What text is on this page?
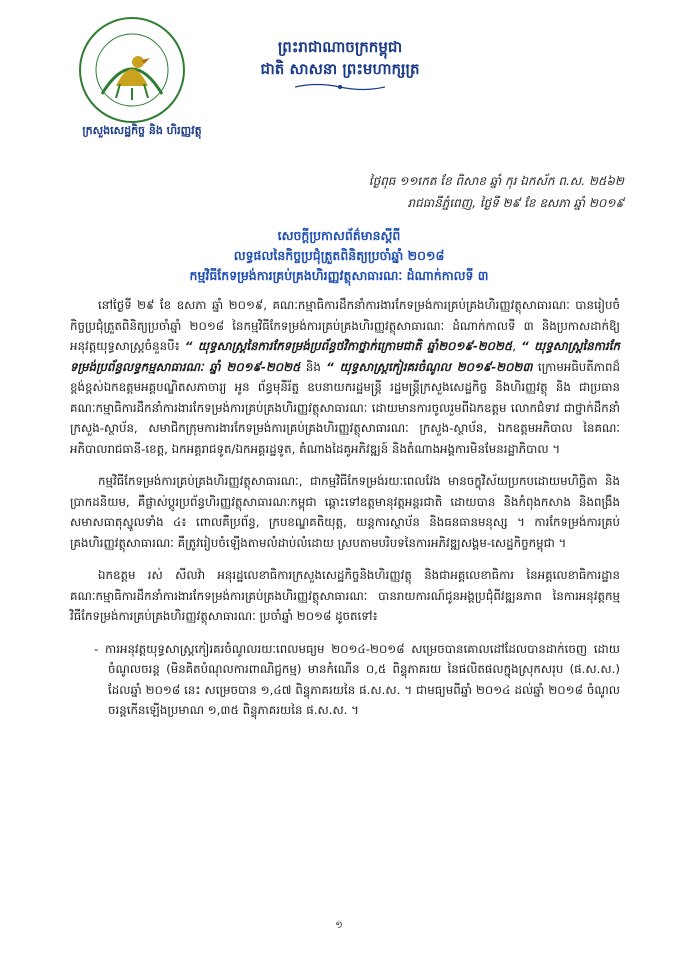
ក្រសួងសេដ្ឋកិច្ច និង ហិរញ្ញវត្ថុ
ព្រះរាជាណាចក្រកម្ពុជា
ជាតិ សាសនា ព្រះមហាក្សត្រ
ថ្ងៃពុធ ១១កេត ខែ ពិសាខ ឆ្នាំ កុរ ឯកស័ក ព.ស. ២៥៦២
រាជធានីភ្នំពេញ, ថ្ងៃទី ២៩ ខែ ឧសភា ឆ្នាំ ២០១៩
សេចក្តីប្រកាសព័ត៌មានស្តីពី
លទ្ធផលនៃកិច្ចប្រជុំត្រួតពិនិត្យប្រចាំឆ្នាំ ២០១៨
កម្មវិធីកែទម្រង់ការគ្រប់គ្រងហិរញ្ញវត្ថុសាធារណៈ ដំណាក់កាលទី ៣

នៅថ្ងៃទី ២៩ ខែ ឧសភា ឆ្នាំ ២០១៩, គណៈកម្មាធិការដឹកនាំការងារកែទម្រង់ការគ្រប់គ្រងហិរញ្ញវត្ថុសាធារណៈ បានរៀបចំកិច្ចប្រជុំត្រួតពិនិត្យប្រចាំឆ្នាំ ២០១៨ នៃកម្មវិធីកែទម្រង់ការគ្រប់គ្រងហិរញ្ញវត្ថុសាធារណៈ ដំណាក់កាលទី ៣ និងប្រកាសដាក់ឱ្យអនុវត្តយុទ្ធសាស្ត្រចំនួនបី៖ “ យុទ្ធសាស្ត្រនៃការកែទម្រង់ប្រព័ន្ធថវិកាថ្នាក់ក្រោមជាតិ ឆ្នាំ២០១៩-២០២៥, “ យុទ្ធសាស្ត្រនៃការកែទម្រង់ប្រព័ន្ធលទ្ធកម្មសាធារណៈ ឆ្នាំ ២០១៩-២០២៥ និង “ យុទ្ធសាស្ត្រកៀរគរចំណូល ២០១៩-២០២៣ ក្រោមអធិបតីភាពដ៏ខ្ពង់ខ្ពស់ឯកឧត្តមអគ្គបណ្ឌិតសភាចារ្យ អូន ព័ន្ធមុនីរ័ត្ន ឧបនាយករដ្ឋមន្ត្រី រដ្ឋមន្ត្រីក្រសួងសេដ្ឋកិច្ច និងហិរញ្ញវត្ថុ និង ជាប្រធានគណៈកម្មាធិការដឹកនាំការងារកែទម្រង់ការគ្រប់គ្រងហិរញ្ញវត្ថុសាធារណៈ ដោយមានការចូលរួមពីឯកឧត្តម លោកជំទាវ ជាថ្នាក់ដឹកនាំក្រសួង-ស្ថាប័ន, សមាជិកក្រុមការងារកែទម្រង់ការគ្រប់គ្រងហិរញ្ញវត្ថុសាធារណៈ ក្រសួង-ស្ថាប័ន, ឯកឧត្តមអភិបាល នៃគណៈអភិបាលរាជធានី-ខេត្ត, ឯកអគ្គរាជទូត/ឯកអគ្គរដ្ឋទូត, តំណាងដៃគូអភិវឌ្ឍន៍ និងតំណាងអង្គការមិនមែនរដ្ឋាភិបាល ។

កម្មវិធីកែទម្រង់ការគ្រប់គ្រងហិរញ្ញវត្ថុសាធារណៈ, ជាកម្មវិធីកែទម្រង់រយៈពេលវែង មានចក្ខុវិស័យប្រកបដោយមហិច្ឆិតា និងប្រាកដនិយម, គឺផ្លាស់ប្តូរប្រព័ន្ធហិរញ្ញវត្ថុសាធារណៈកម្ពុជា ឆ្ពោះទៅឧត្តមានុវត្តអន្តរជាតិ ដោយបាន និងកំពុងកសាង និងពង្រឹងសមាសធាតុស្នូលទាំង ៤៖ ពោលគឺប្រព័ន្ធ, ក្របខណ្ឌគតិយុត្ត, យន្តការស្ថាប័ន និងធនធានមនុស្ស ។ ការកែទម្រង់ការគ្រប់គ្រងហិរញ្ញវត្ថុសាធារណៈ គឺត្រូវរៀបចំឡើងតាមលំដាប់លំដោយ ស្របតាមបរិបទនៃការអភិវឌ្ឍសង្គម-សេដ្ឋកិច្ចកម្ពុជា ។

ឯកឧត្តម រស់ សីលវ៉ា អនុរដ្ឋលេខាធិការក្រសួងសេដ្ឋកិច្ចនិងហិរញ្ញវត្ថុ និងជាអគ្គលេខាធិការ នៃអគ្គលេខាធិការដ្ឋានគណៈកម្មាធិការដឹកនាំការងារកែទម្រង់ការគ្រប់គ្រងហិរញ្ញវត្ថុសាធារណៈ បានរាយការណ៍ជូនអង្គប្រជុំពីវឌ្ឍនភាព នៃការអនុវត្តកម្មវិធីកែទម្រង់ការគ្រប់គ្រងហិរញ្ញវត្ថុសាធារណៈ ប្រចាំឆ្នាំ ២០១៨ ដូចតទៅ៖

- ការអនុវត្តយុទ្ធសាស្ត្រកៀរគរចំណូលរយៈពេលមធ្យម ២០១៤-២០១៨ សម្រេចបានគោលដៅដែលបានដាក់ចេញ ដោយចំណូលចរន្ត (មិនគិតបំណុលការពាណិជ្ជកម្ម) មានកំណើន ០,៥ ពិន្ទុភាគរយ នៃផលិតផលក្នុងស្រុកសរុប (ផ.ស.ស.) ដែលឆ្នាំ ២០១៨ នេះ សម្រេចបាន ១,៤៧ ពិន្ទុភាគរយនៃ ផ.ស.ស. ។ ជាមធ្យមពីឆ្នាំ ២០១៤ ដល់ឆ្នាំ ២០១៨ ចំណូលចរន្តកើនឡើងប្រមាណ ១,៣៥ ពិន្ទុភាគរយនៃ ផ.ស.ស. ។

១
